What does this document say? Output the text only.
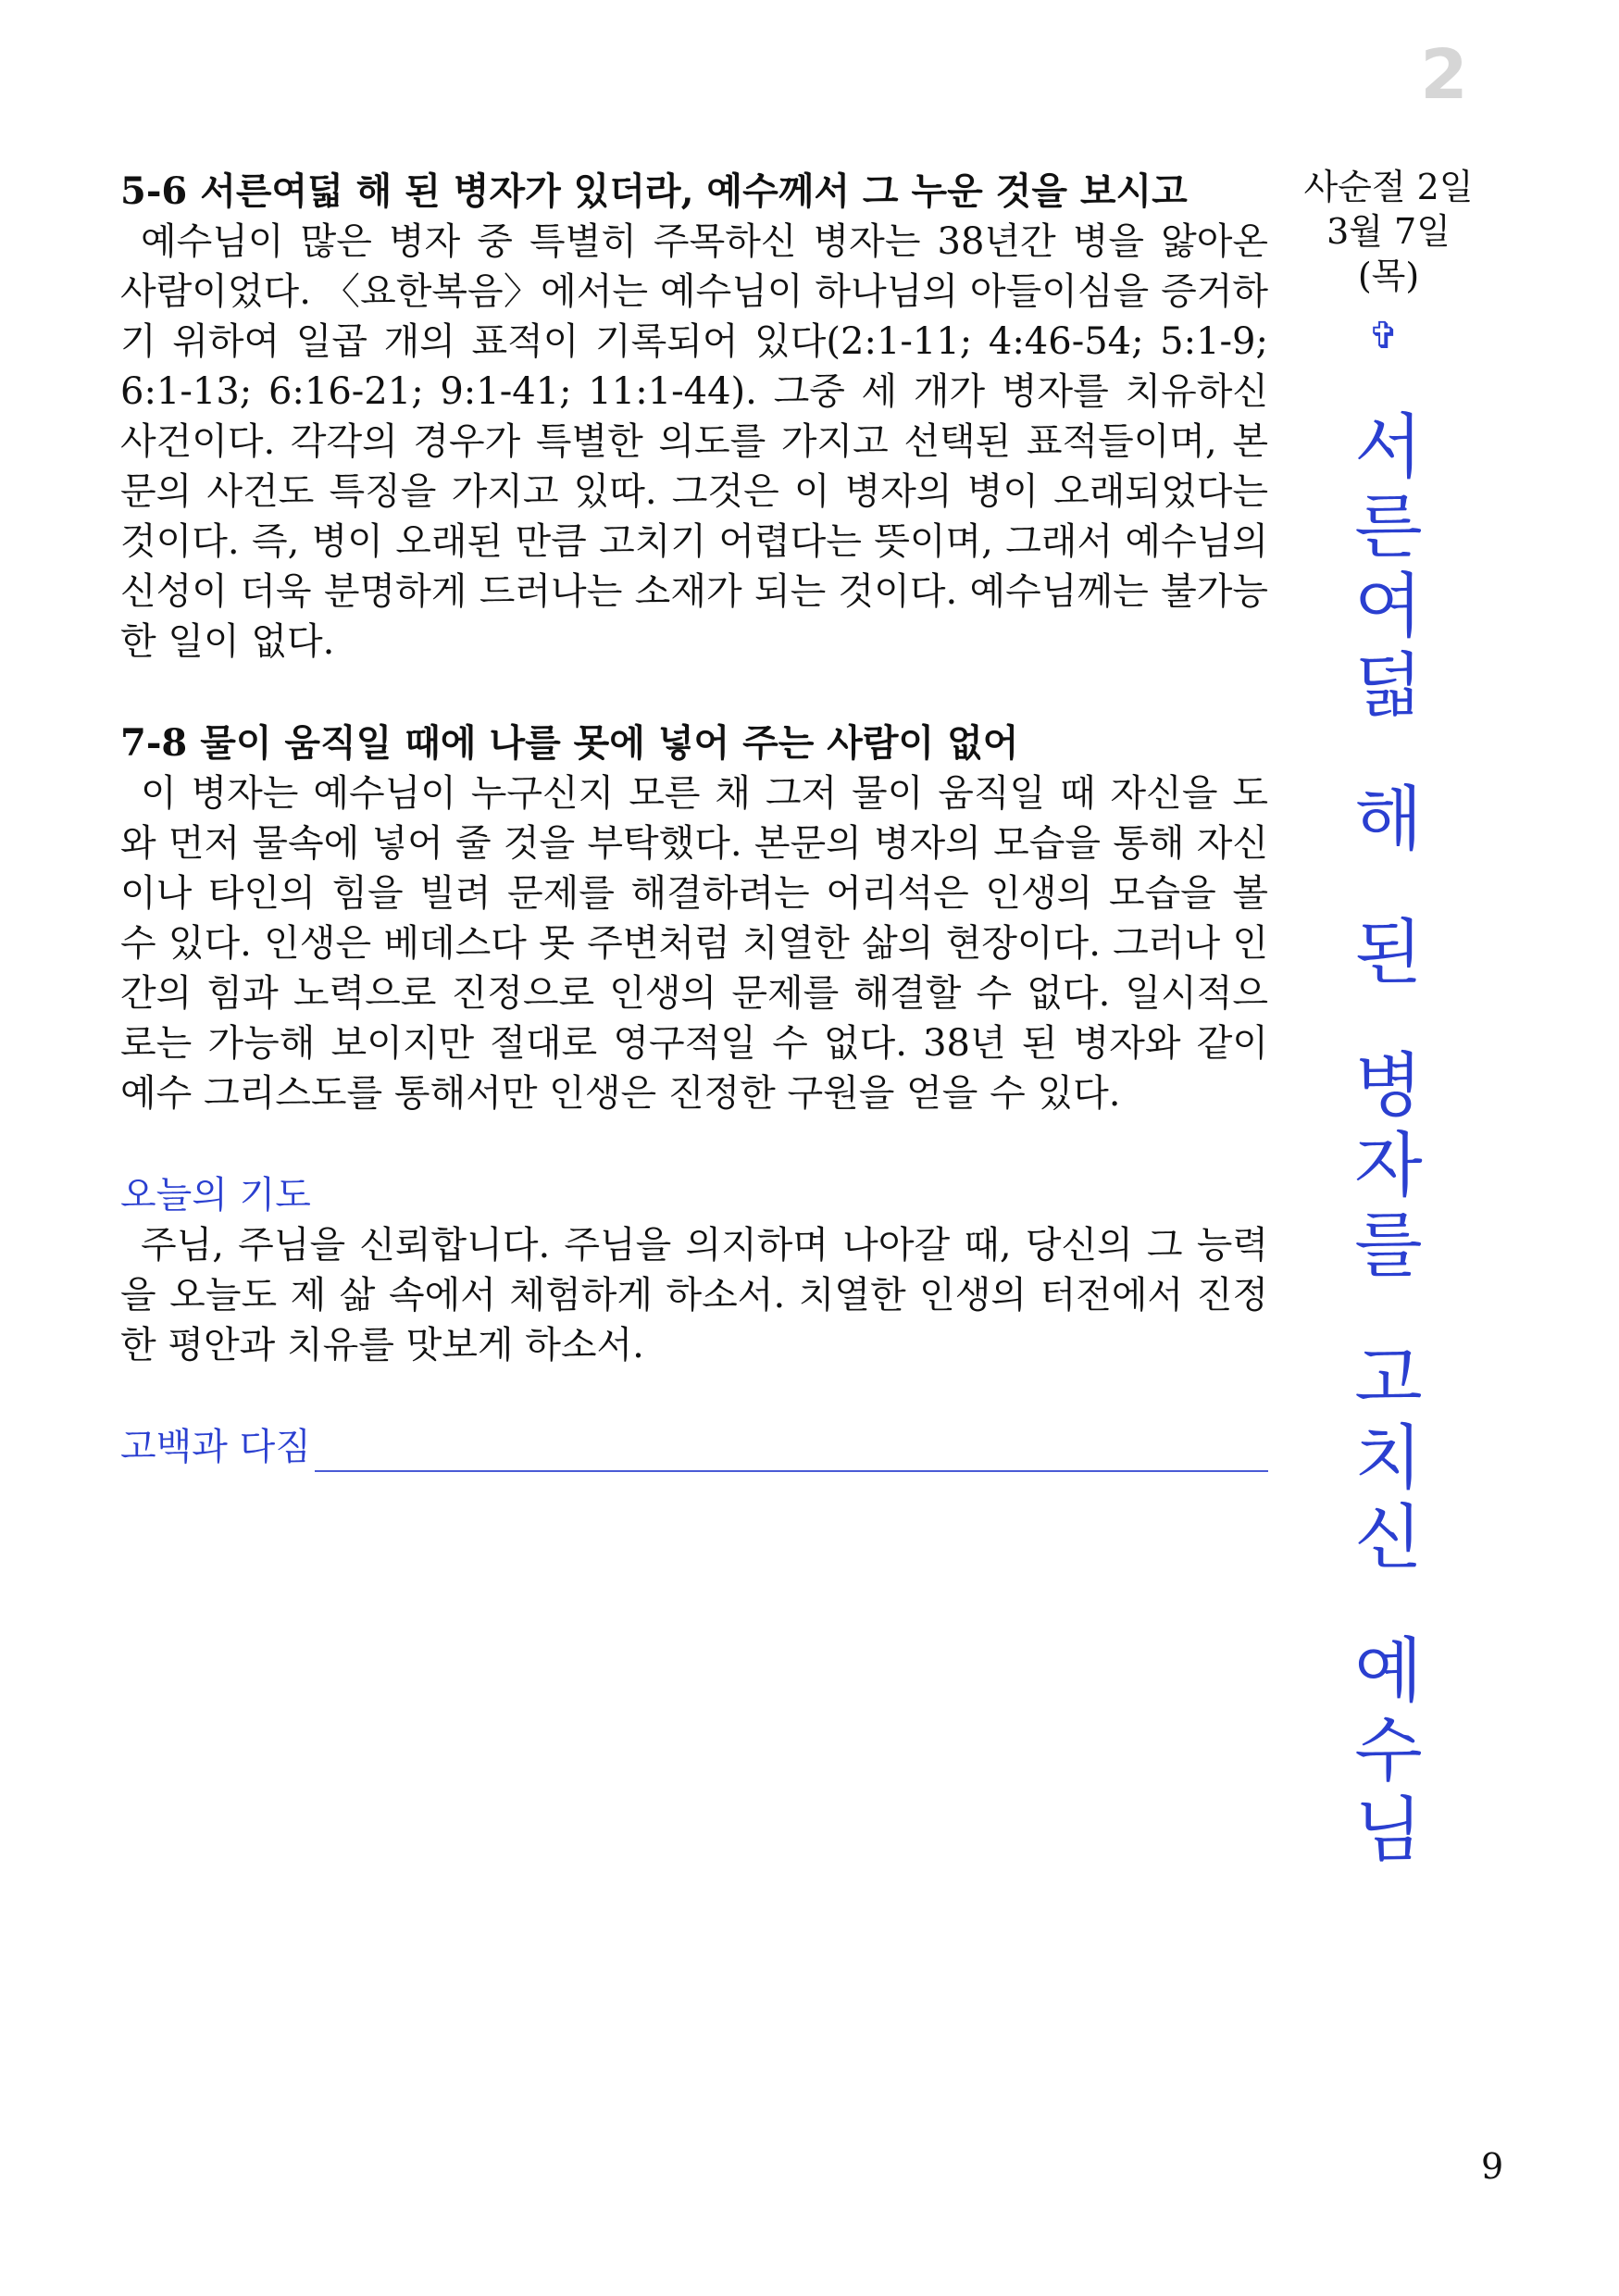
2

5-6 서른여덟 해 된 병자가 있더라, 예수께서 그 누운 것을 보시고

예수님이 많은 병자 중 특별히 주목하신 병자는 38년간 병을 앓아온 사람이었다. 〈요한복음〉에서는 예수님이 하나님의 아들이심을 증거하기 위하여 일곱 개의 표적이 기록되어 있다(2:1-11; 4:46-54; 5:1-9; 6:1-13; 6:16-21; 9:1-41; 11:1-44). 그중 세 개가 병자를 치유하신 사건이다. 각각의 경우가 특별한 의도를 가지고 선택된 표적들이며, 본문의 사건도 특징을 가지고 있따. 그것은 이 병자의 병이 오래되었다는 것이다. 즉, 병이 오래된 만큼 고치기 어렵다는 뜻이며, 그래서 예수님의 신성이 더욱 분명하게 드러나는 소재가 되는 것이다. 예수님께는 불가능한 일이 없다.

7-8 물이 움직일 때에 나를 못에 넣어 주는 사람이 없어

이 병자는 예수님이 누구신지 모른 채 그저 물이 움직일 때 자신을 도와 먼저 물속에 넣어 줄 것을 부탁했다. 본문의 병자의 모습을 통해 자신이나 타인의 힘을 빌려 문제를 해결하려는 어리석은 인생의 모습을 볼 수 있다. 인생은 베데스다 못 주변처럼 치열한 삶의 현장이다. 그러나 인간의 힘과 노력으로 진정으로 인생의 문제를 해결할 수 없다. 일시적으로는 가능해 보이지만 절대로 영구적일 수 없다. 38년 된 병자와 같이 예수 그리스도를 통해서만 인생은 진정한 구원을 얻을 수 있다.

오늘의 기도

주님, 주님을 신뢰합니다. 주님을 의지하며 나아갈 때, 당신의 그 능력을 오늘도 제 삶 속에서 체험하게 하소서. 치열한 인생의 터전에서 진정한 평안과 치유를 맛보게 하소서.

고백과 다짐
사순절 2일
3월 7일(목)
✞
서
른
여
덟
해
된
병
자
를
고
치
신
예
수
님
9
